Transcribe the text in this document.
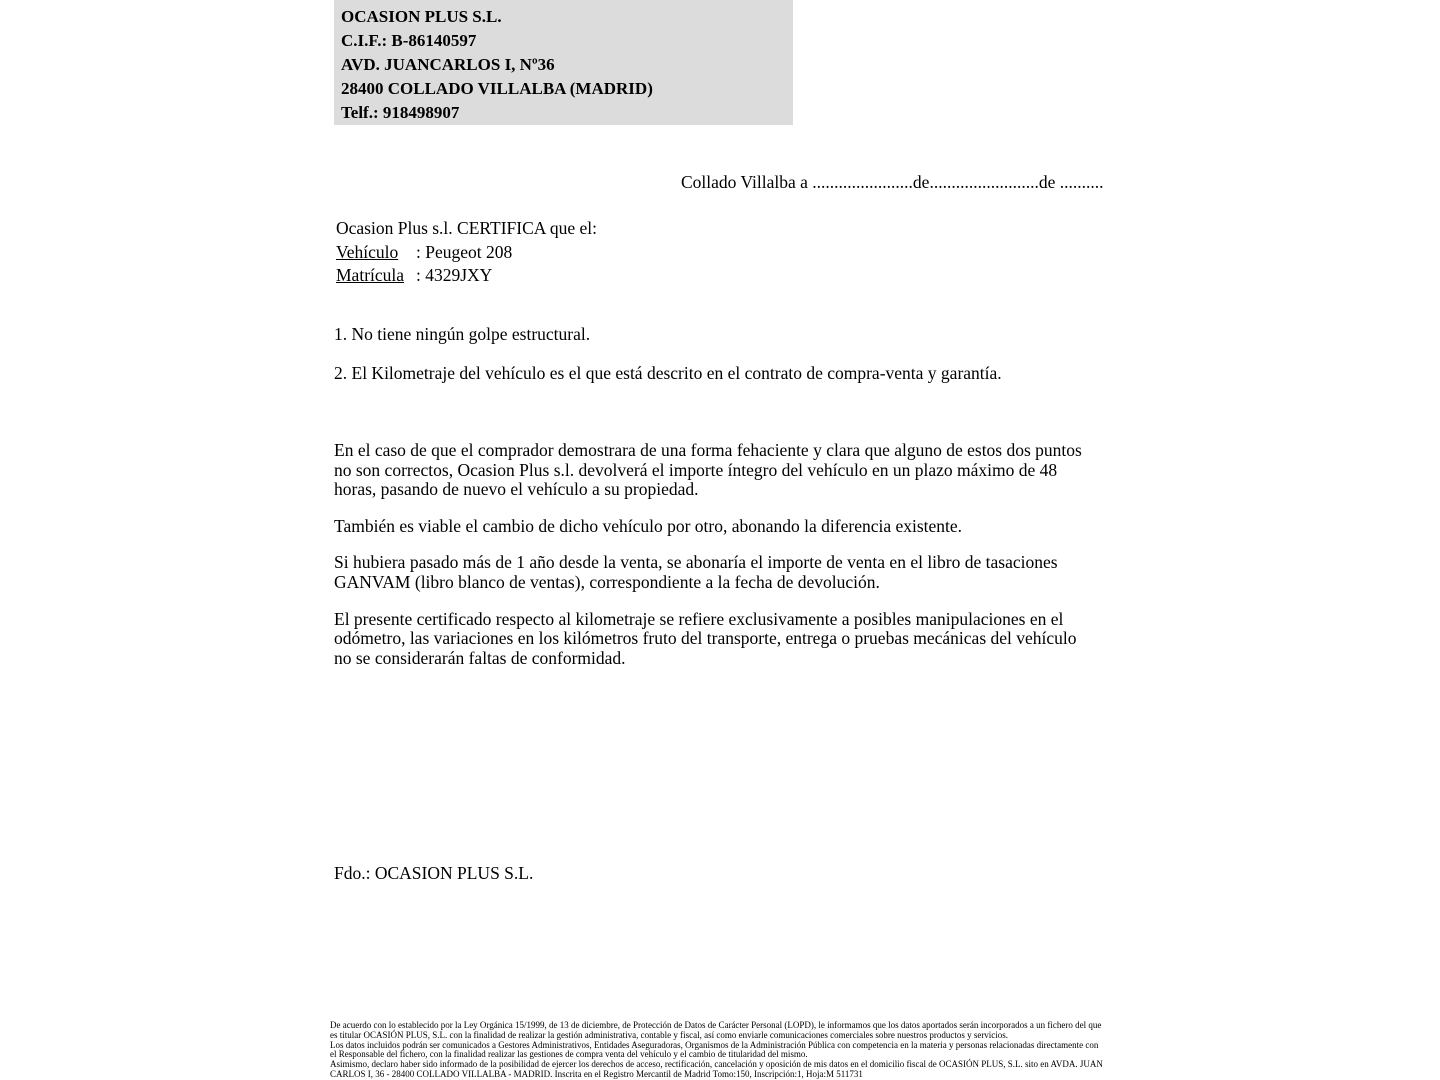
OCASION PLUS S.L.
C.I.F.: B-86140597
AVD. JUANCARLOS I, Nº36
28400 COLLADO VILLALBA (MADRID)
Telf.: 918498907
Collado Villalba a .......................de.........................de ..........
Ocasion Plus s.l. CERTIFICA que el:
Vehículo : Peugeot 208
Matrícula : 4329JXY

1. No tiene ningún golpe estructural.

2. El Kilometraje del vehículo es el que está descrito en el contrato de compra-venta y garantía.

En el caso de que el comprador demostrara de una forma fehaciente y clara que alguno de estos dos puntos no son correctos, Ocasion Plus s.l. devolverá el importe íntegro del vehículo en un plazo máximo de 48 horas, pasando de nuevo el vehículo a su propiedad.

También es viable el cambio de dicho vehículo por otro, abonando la diferencia existente.

Si hubiera pasado más de 1 año desde la venta, se abonaría el importe de venta en el libro de tasaciones GANVAM (libro blanco de ventas), correspondiente a la fecha de devolución.

El presente certificado respecto al kilometraje se refiere exclusivamente a posibles manipulaciones en el odómetro, las variaciones en los kilómetros fruto del transporte, entrega o pruebas mecánicas del vehículo no se considerarán faltas de conformidad.

Fdo.: OCASION PLUS S.L.

De acuerdo con lo establecido por la Ley Orgánica 15/1999, de 13 de diciembre, de Protección de Datos de Carácter Personal (LOPD), le informamos que los datos aportados serán incorporados a un fichero del que es titular OCASIÓN PLUS, S.L. con la finalidad de realizar la gestión administrativa, contable y fiscal, así como enviarle comunicaciones comerciales sobre nuestros productos y servicios.

Los datos incluidos podrán ser comunicados a Gestores Administrativos, Entidades Aseguradoras, Organismos de la Administración Pública con competencia en la materia y personas relacionadas directamente con el Responsable del fichero, con la finalidad realizar las gestiones de compra venta del vehículo y el cambio de titularidad del mismo.

Asimismo, declaro haber sido informado de la posibilidad de ejercer los derechos de acceso, rectificación, cancelación y oposición de mis datos en el domicilio fiscal de OCASIÓN PLUS, S.L. sito en AVDA. JUAN CARLOS I, 36 - 28400 COLLADO VILLALBA - MADRID. Inscrita en el Registro Mercantil de Madrid Tomo:150, Inscripción:1, Hoja:M 511731
